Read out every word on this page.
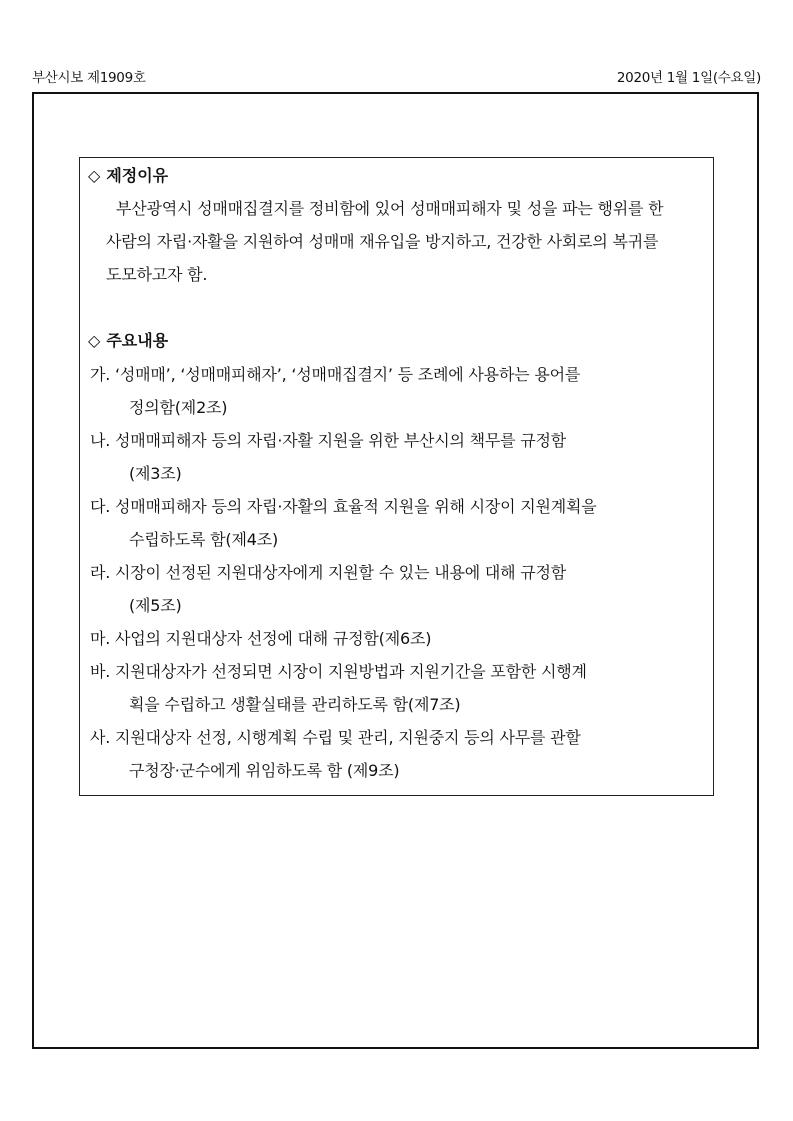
부산시보 제1909호	2020년 1월 1일(수요일)
◇ 제정이유
부산광역시 성매매집결지를 정비함에 있어 성매매피해자 및 성을 파는 행위를 한
사람의 자립·자활을 지원하여 성매매 재유입을 방지하고, 건강한 사회로의 복귀를
도모하고자 함.
◇ 주요내용
가. ‘성매매’, ‘성매매피해자’, ‘성매매집결지’ 등 조례에 사용하는 용어를
정의함(제2조)
나. 성매매피해자 등의 자립·자활 지원을 위한 부산시의 책무를 규정함
(제3조)
다. 성매매피해자 등의 자립·자활의 효율적 지원을 위해 시장이 지원계획을
수립하도록 함(제4조)
라. 시장이 선정된 지원대상자에게 지원할 수 있는 내용에 대해 규정함
(제5조)
마. 사업의 지원대상자 선정에 대해 규정함(제6조)
바. 지원대상자가 선정되면 시장이 지원방법과 지원기간을 포함한 시행계
획을 수립하고 생활실태를 관리하도록 함(제7조)
사. 지원대상자 선정, 시행계획 수립 및 관리, 지원중지 등의 사무를 관할
구청장·군수에게 위임하도록 함 (제9조)
